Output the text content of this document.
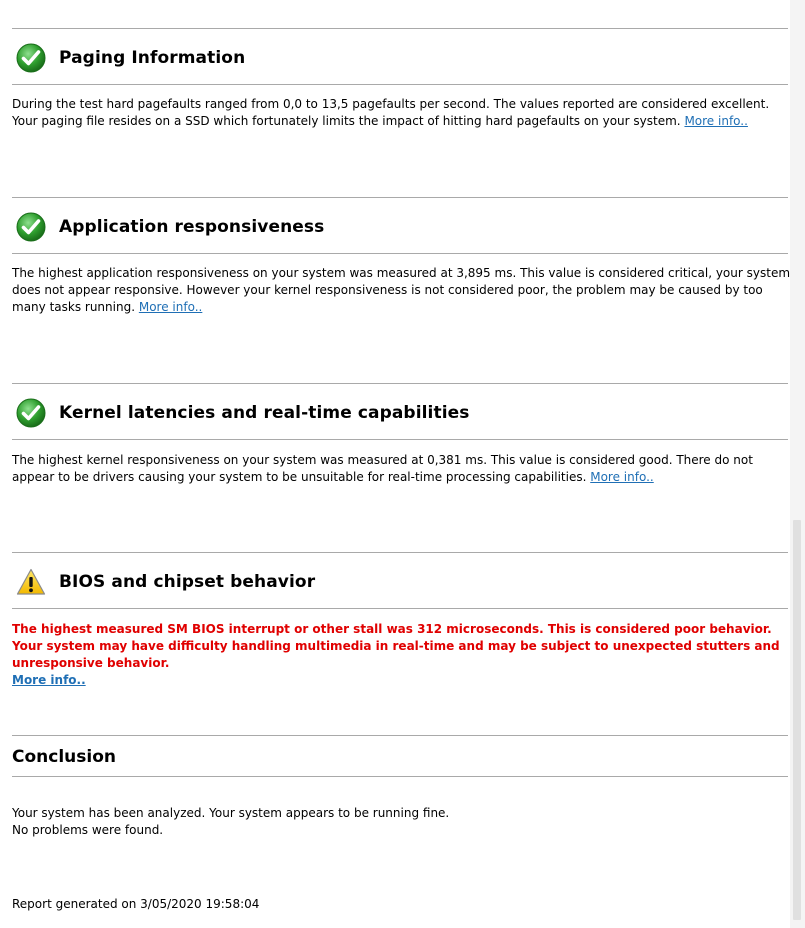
Paging Information
During the test hard pagefaults ranged from 0,0 to 13,5 pagefaults per second. The values reported are considered excellent. Your paging file resides on a SSD which fortunately limits the impact of hitting hard pagefaults on your system. More info..
Application responsiveness
The highest application responsiveness on your system was measured at 3,895 ms. This value is considered critical, your system does not appear responsive. However your kernel responsiveness is not considered poor, the problem may be caused by too many tasks running. More info..
Kernel latencies and real-time capabilities
The highest kernel responsiveness on your system was measured at 0,381 ms. This value is considered good. There do not appear to be drivers causing your system to be unsuitable for real-time processing capabilities. More info..
BIOS and chipset behavior
The highest measured SM BIOS interrupt or other stall was 312 microseconds. This is considered poor behavior. Your system may have difficulty handling multimedia in real-time and may be subject to unexpected stutters and unresponsive behavior.
More info..
Conclusion
Your system has been analyzed. Your system appears to be running fine.
No problems were found.
Report generated on 3/05/2020 19:58:04
